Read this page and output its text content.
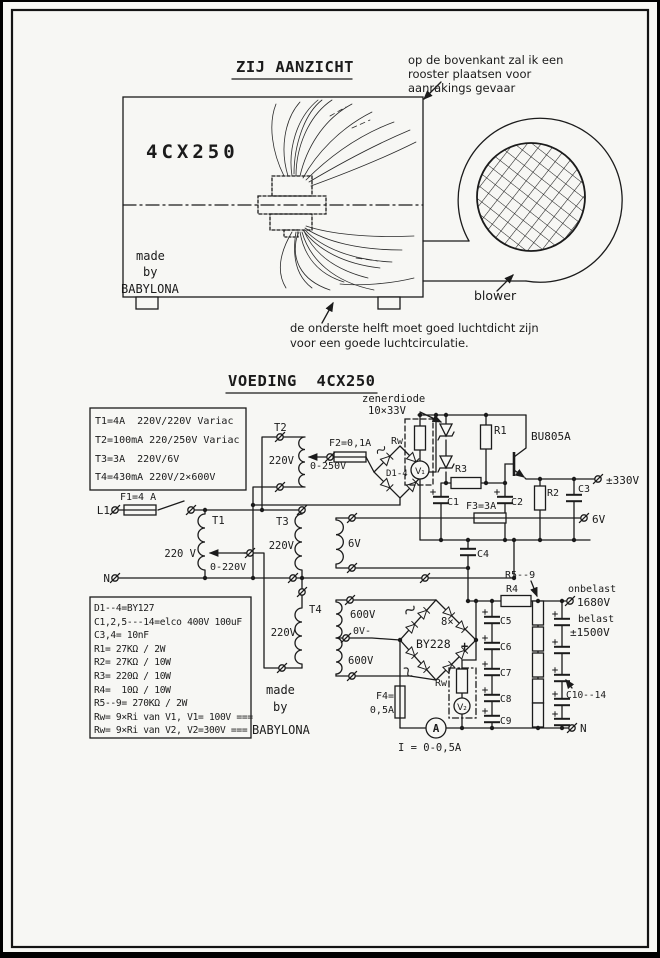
ZIJ AANZICHT	op de bovenkant zal ik een
rooster plaatsen voor
aanrakings gevaar
4CX250
made
by
BABYLONA	blower
de onderste helft moet goed luchtdicht zijn
voor een goede luchtcirculatie.
VOEDING  4CX250
T1=4A  220V/220V Variac
T2=100mA 220/250V Variac
T3=3A  220V/6V
T4=430mA 220V/2×600V
D1--4=BY127
C1,2,5---14=elco 400V 100uF
C3,4= 10nF
R1= 27KΩ / 2W
R2= 27KΩ / 10W
R3= 220Ω / 10W
R4=  10Ω / 10W
R5--9= 270KΩ / 2W
Rw= 9×Ri van V1, V1= 100V ===
Rw= 9×Ri van V2, V2=300V ===
made
by
BABYLONA
L1
F1=4 A
N
T1
220 V
0-220V
T2
220V 0-250V
F2=0,1A
zenerdiode
10×33V
D1-4
Rw
V₁
R1
R3
BU805A
C1	C2
R2 C3
±330V
F3=3A
6V
C4
T3
220V	6V
T4
220V
600V
0V-
600V
8×
BY228 +
F4=
0,5A
A
I = 0-0,5A
Rw
V₂
R4
R5--9
onbelast
1680V
belast
±1500V
C5
C6
C7
C8
C9
C10--14
N
